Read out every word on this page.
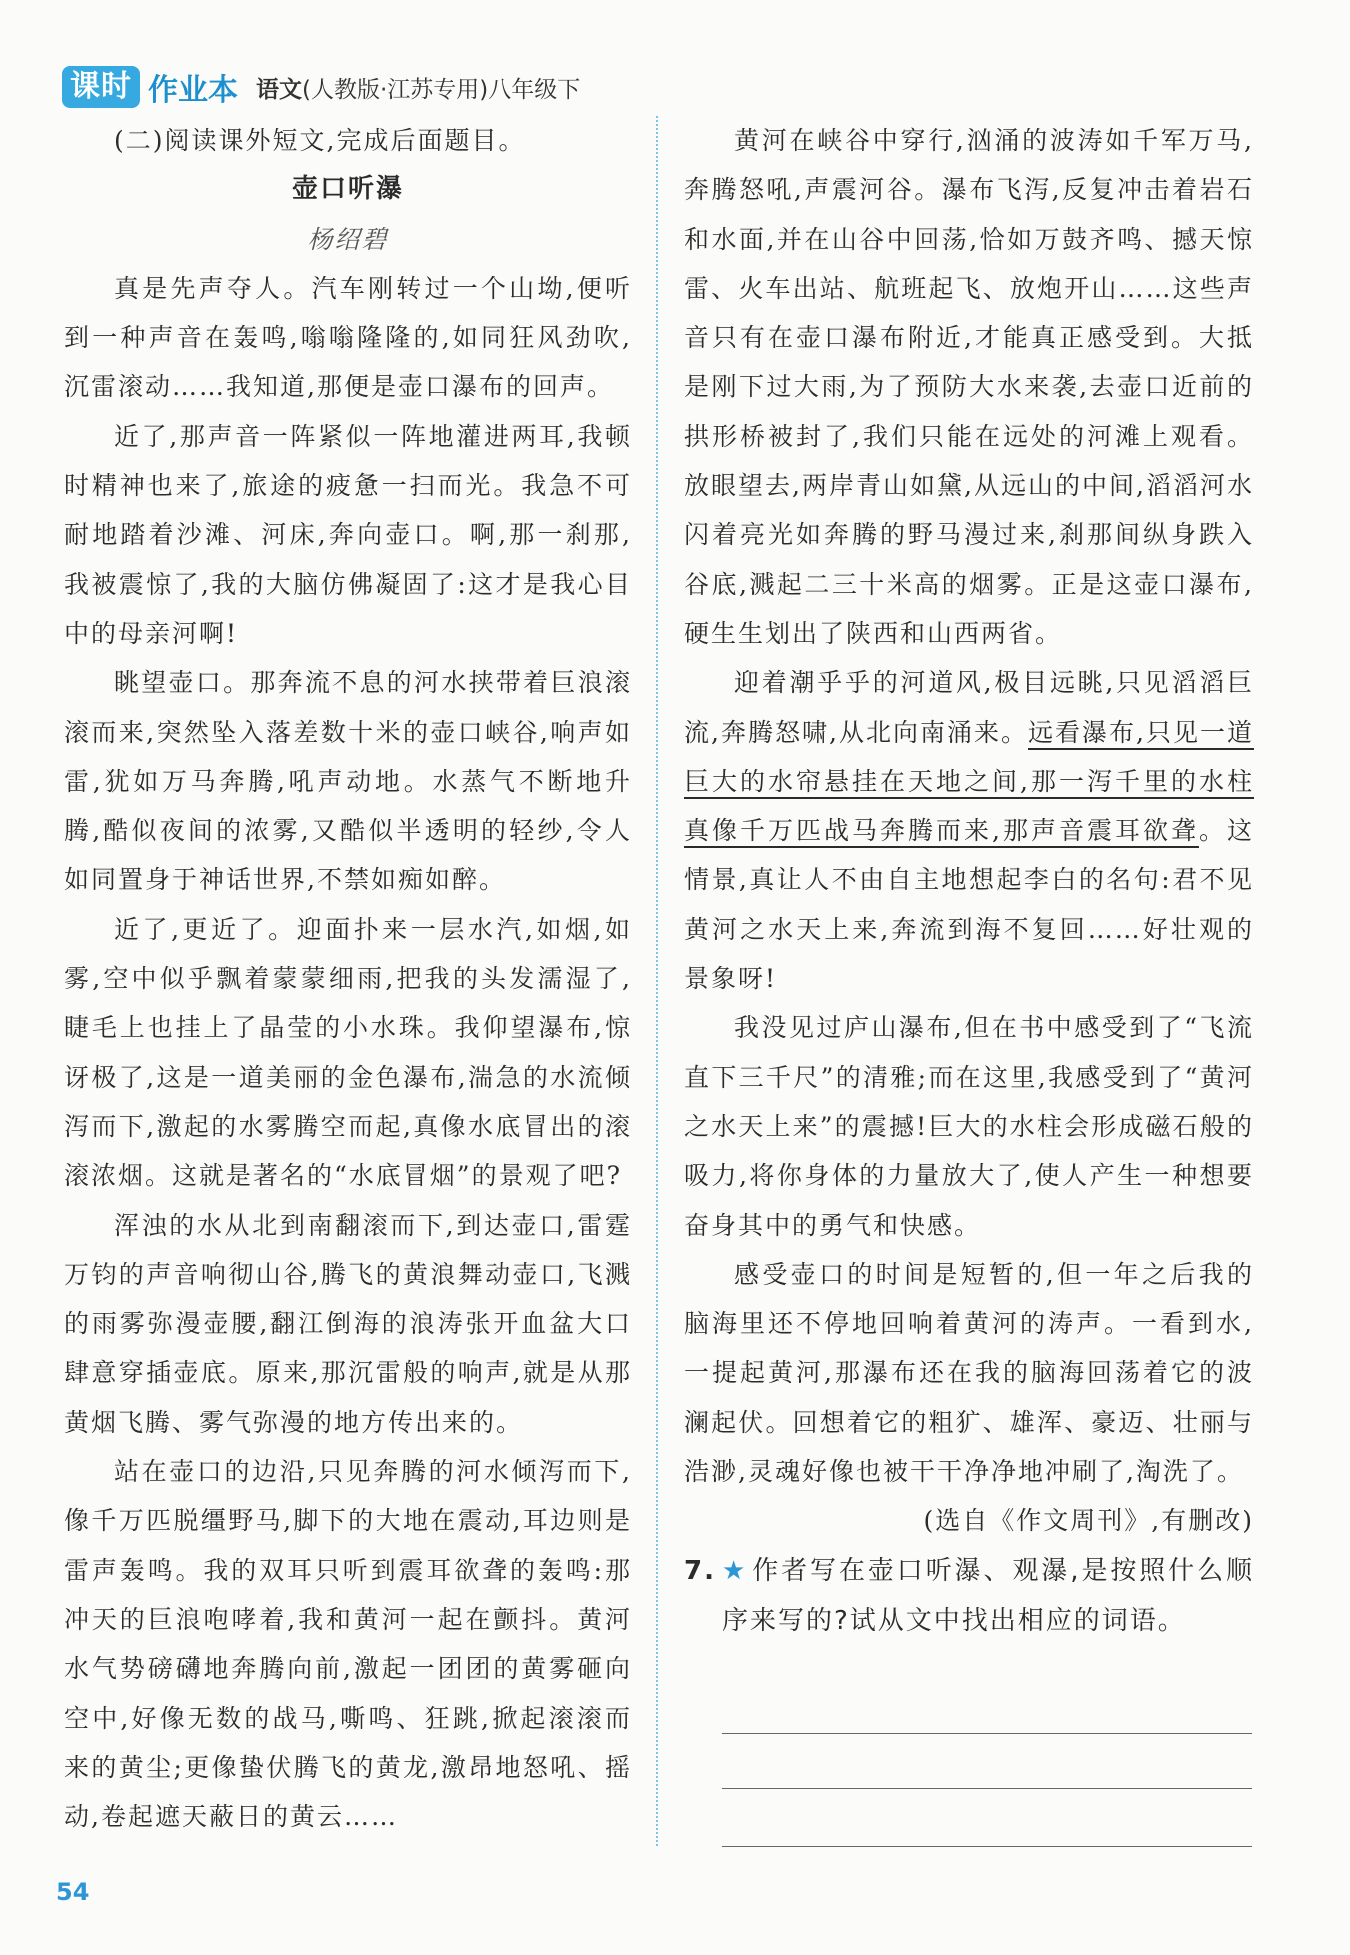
课时 作业本 语文(人教版·江苏专用)八年级下

(二)阅读课外短文,完成后面题目。

壶口听瀑

杨绍碧

真是先声夺人。汽车刚转过一个山坳,便听到一种声音在轰鸣,嗡嗡隆隆的,如同狂风劲吹,沉雷滚动……我知道,那便是壶口瀑布的回声。

近了,那声音一阵紧似一阵地灌进两耳,我顿时精神也来了,旅途的疲惫一扫而光。我急不可耐地踏着沙滩、河床,奔向壶口。啊,那一刹那,我被震惊了,我的大脑仿佛凝固了:这才是我心目中的母亲河啊!

眺望壶口。那奔流不息的河水挟带着巨浪滚滚而来,突然坠入落差数十米的壶口峡谷,响声如雷,犹如万马奔腾,吼声动地。水蒸气不断地升腾,酷似夜间的浓雾,又酷似半透明的轻纱,令人如同置身于神话世界,不禁如痴如醉。

近了,更近了。迎面扑来一层水汽,如烟,如雾,空中似乎飘着蒙蒙细雨,把我的头发濡湿了,睫毛上也挂上了晶莹的小水珠。我仰望瀑布,惊讶极了,这是一道美丽的金色瀑布,湍急的水流倾泻而下,激起的水雾腾空而起,真像水底冒出的滚滚浓烟。这就是著名的“水底冒烟”的景观了吧?

浑浊的水从北到南翻滚而下,到达壶口,雷霆万钧的声音响彻山谷,腾飞的黄浪舞动壶口,飞溅的雨雾弥漫壶腰,翻江倒海的浪涛张开血盆大口肆意穿插壶底。原来,那沉雷般的响声,就是从那黄烟飞腾、雾气弥漫的地方传出来的。

站在壶口的边沿,只见奔腾的河水倾泻而下,像千万匹脱缰野马,脚下的大地在震动,耳边则是雷声轰鸣。我的双耳只听到震耳欲聋的轰鸣:那冲天的巨浪咆哮着,我和黄河一起在颤抖。黄河水气势磅礴地奔腾向前,激起一团团的黄雾砸向空中,好像无数的战马,嘶鸣、狂跳,掀起滚滚而来的黄尘;更像蛰伏腾飞的黄龙,激昂地怒吼、摇动,卷起遮天蔽日的黄云……

黄河在峡谷中穿行,汹涌的波涛如千军万马,奔腾怒吼,声震河谷。瀑布飞泻,反复冲击着岩石和水面,并在山谷中回荡,恰如万鼓齐鸣、撼天惊雷、火车出站、航班起飞、放炮开山……这些声音只有在壶口瀑布附近,才能真正感受到。大抵是刚下过大雨,为了预防大水来袭,去壶口近前的拱形桥被封了,我们只能在远处的河滩上观看。放眼望去,两岸青山如黛,从远山的中间,滔滔河水闪着亮光如奔腾的野马漫过来,刹那间纵身跌入谷底,溅起二三十米高的烟雾。正是这壶口瀑布,硬生生划出了陕西和山西两省。

迎着潮乎乎的河道风,极目远眺,只见滔滔巨流,奔腾怒啸,从北向南涌来。远看瀑布,只见一道巨大的水帘悬挂在天地之间,那一泻千里的水柱真像千万匹战马奔腾而来,那声音震耳欲聋。这情景,真让人不由自主地想起李白的名句:君不见黄河之水天上来,奔流到海不复回……好壮观的景象呀!

我没见过庐山瀑布,但在书中感受到了“飞流直下三千尺”的清雅;而在这里,我感受到了“黄河之水天上来”的震撼!巨大的水柱会形成磁石般的吸力,将你身体的力量放大了,使人产生一种想要奋身其中的勇气和快感。

感受壶口的时间是短暂的,但一年之后我的脑海里还不停地回响着黄河的涛声。一看到水,一提起黄河,那瀑布还在我的脑海回荡着它的波澜起伏。回想着它的粗犷、雄浑、豪迈、壮丽与浩渺,灵魂好像也被干干净净地冲刷了,淘洗了。

(选自《作文周刊》,有删改)

7. ★ 作者写在壶口听瀑、观瀑,是按照什么顺序来写的?试从文中找出相应的词语。

54
